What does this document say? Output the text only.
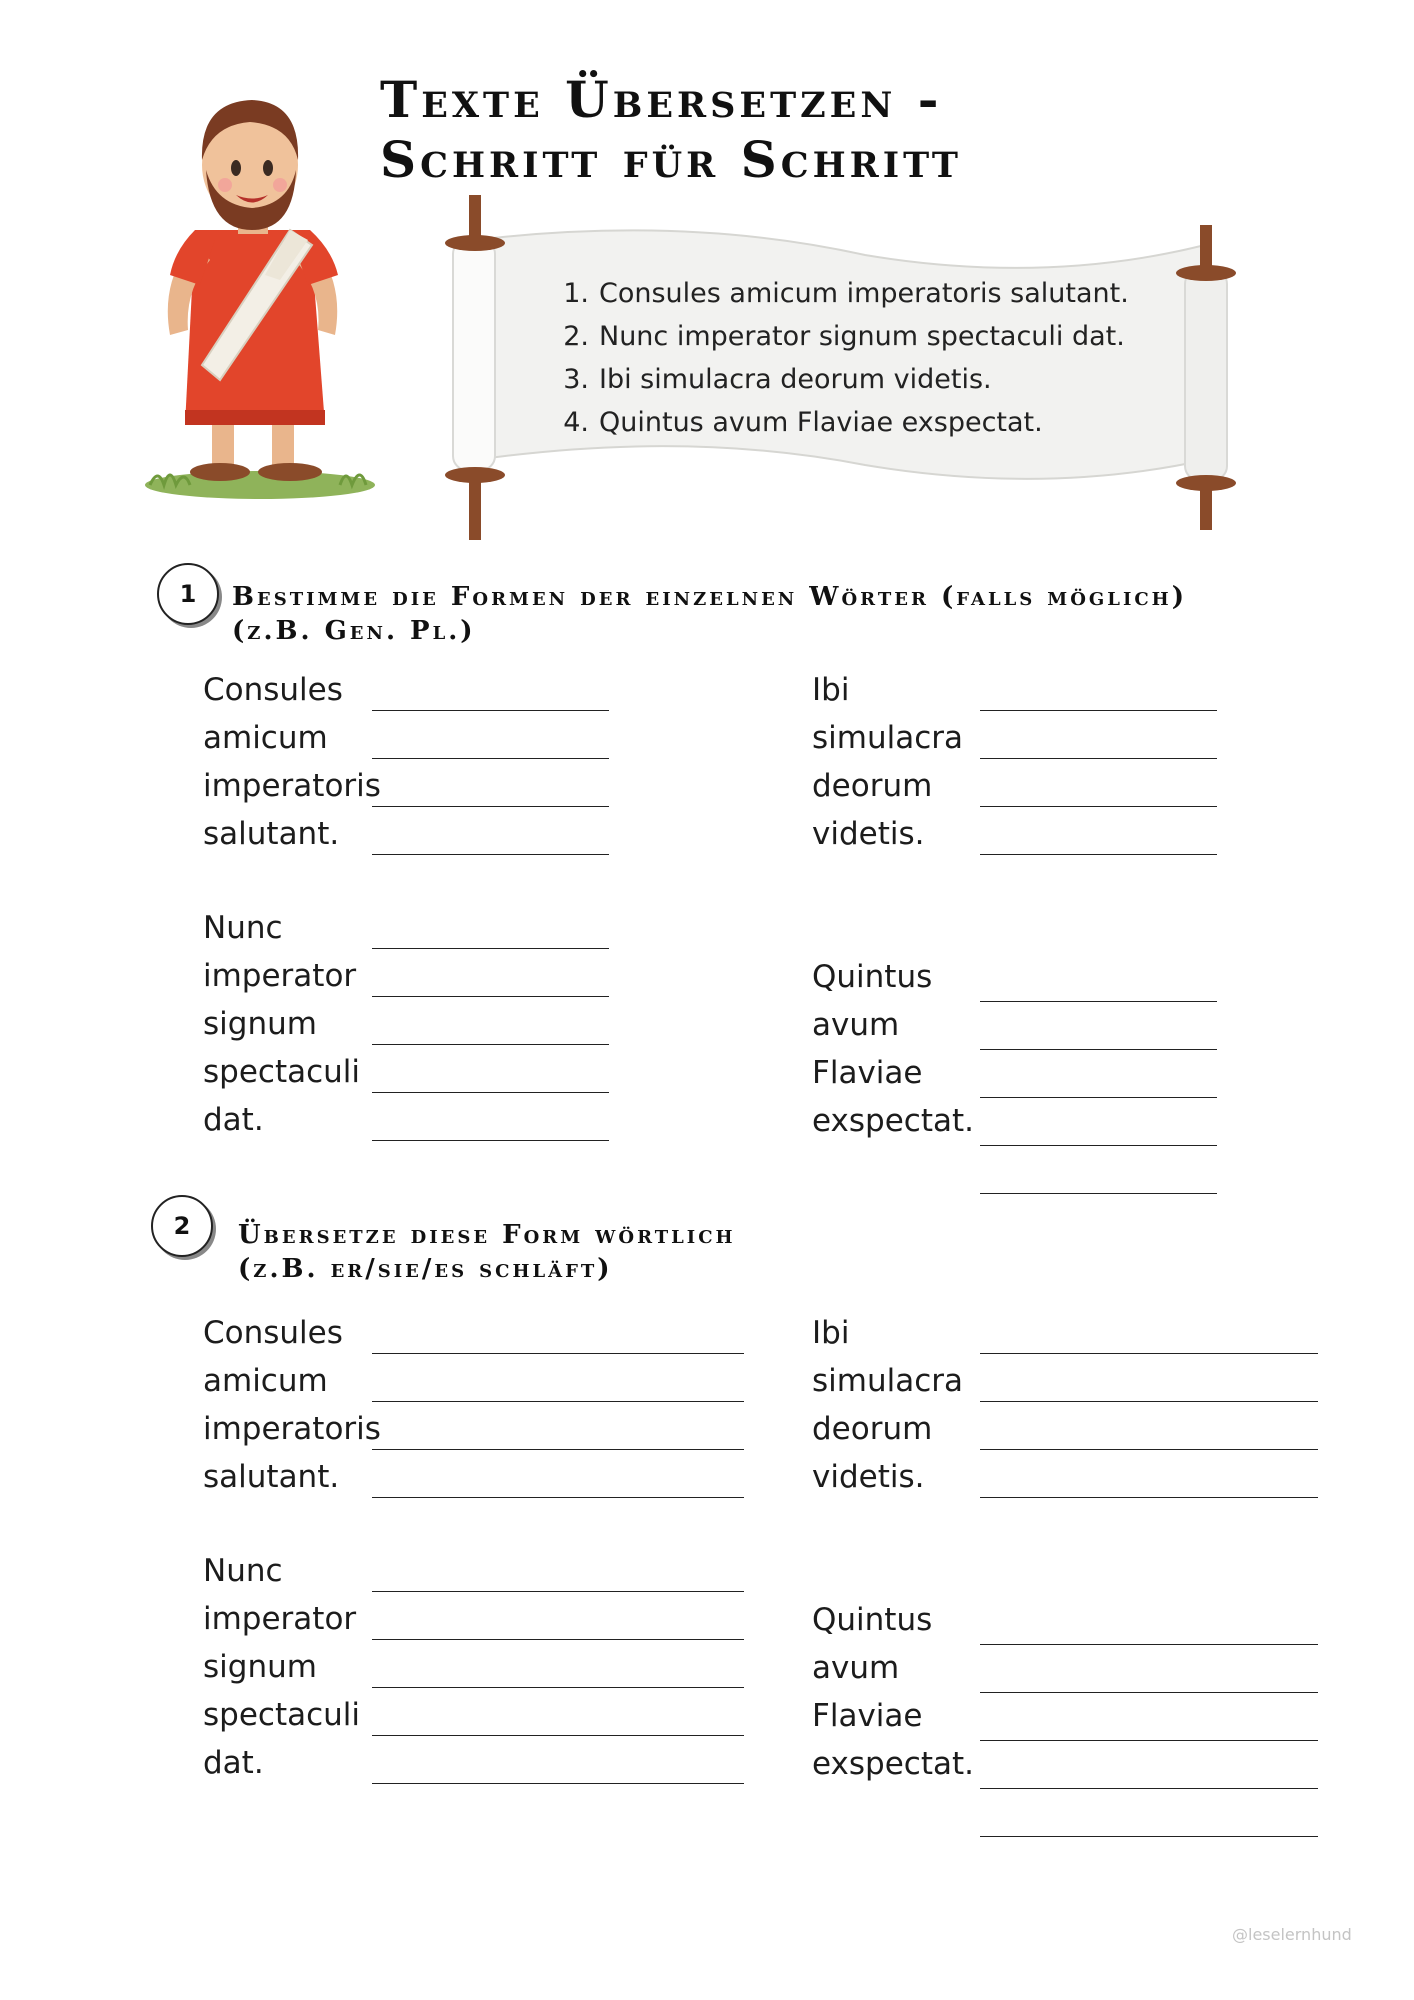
Texte Übersetzen -
Schritt für Schritt
1. Consules amicum imperatoris salutant.
2. Nunc imperator signum spectaculi dat.
3. Ibi simulacra deorum videtis.
4. Quintus avum Flaviae exspectat.
1	Bestimme die Formen der einzelnen Wörter (falls möglich)
(z.B. Gen. Pl.)
2	Übersetze diese Form wörtlich
(z.B. er/sie/es schläft)
Consules
amicum
imperatoris
salutant.
Nunc
imperator
signum
spectaculi
dat.
Ibi
simulacra
deorum
videtis.
Quintus
avum
Flaviae
exspectat.
Consules
amicum
imperatoris
salutant.
Nunc
imperator
signum
spectaculi
dat.
Ibi
simulacra
deorum
videtis.
Quintus
avum
Flaviae
exspectat.
@leselernhund
